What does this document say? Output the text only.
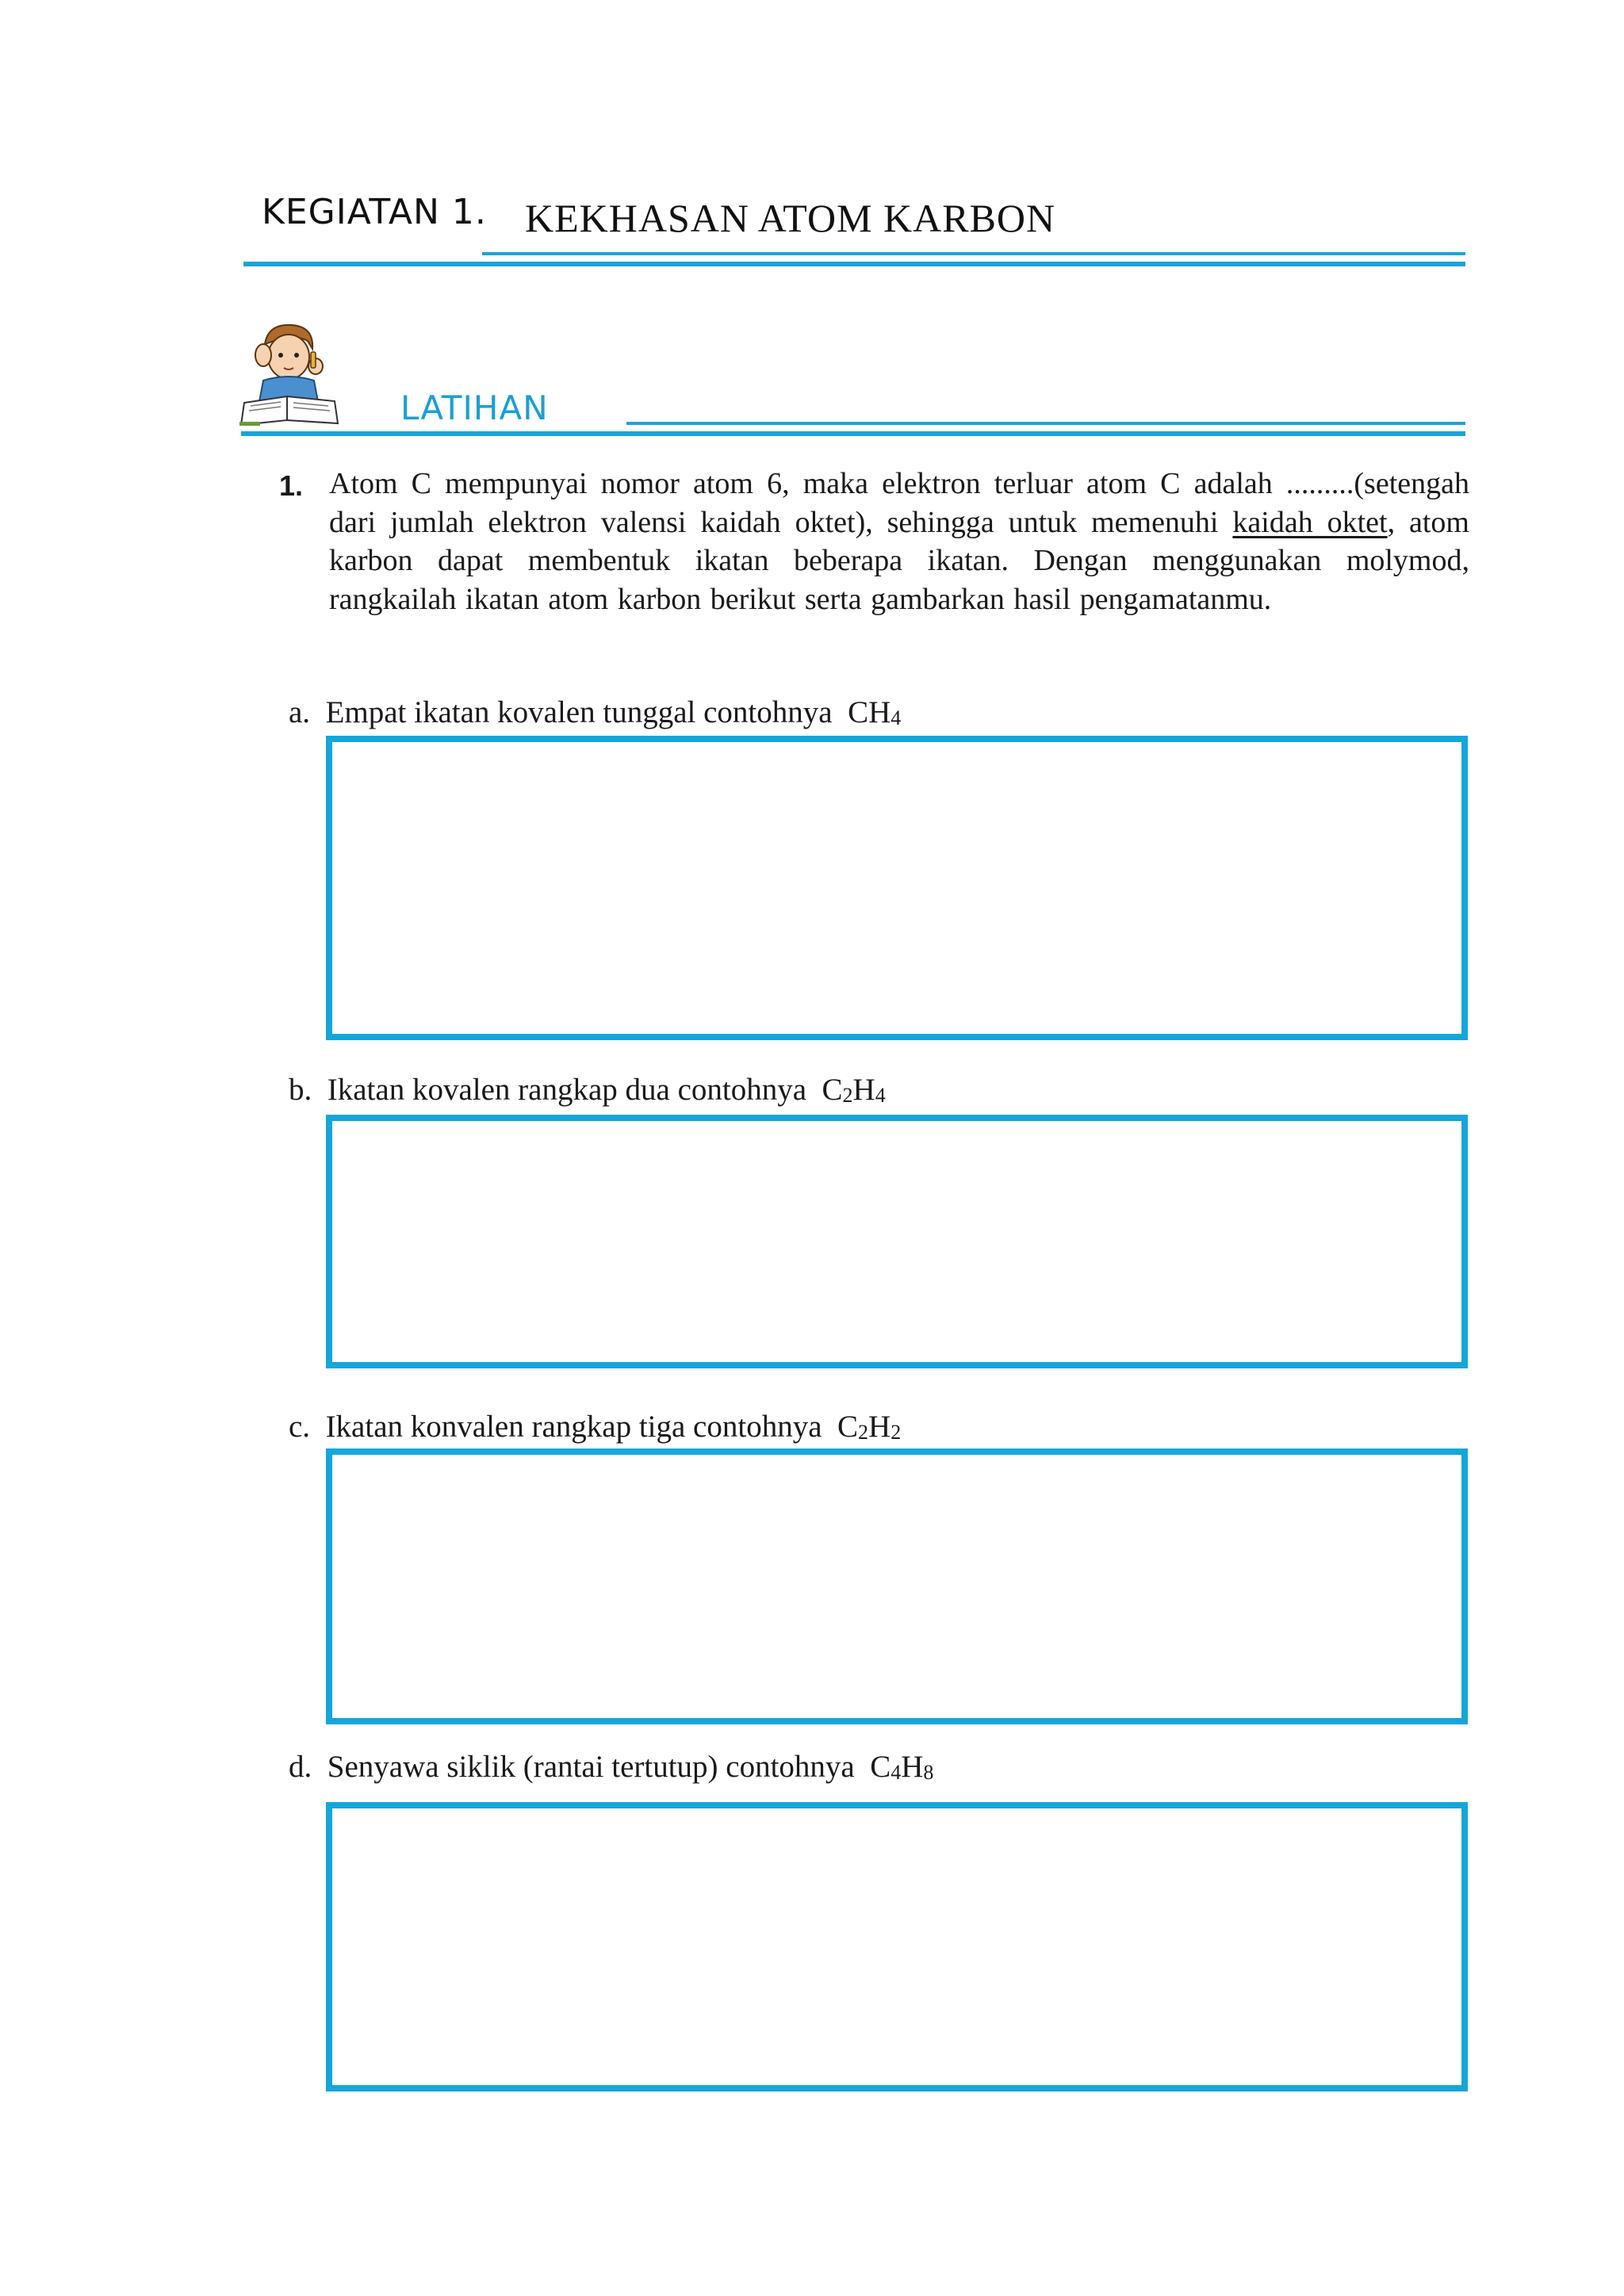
KEGIATAN 1. KEKHASAN ATOM KARBON
LATIHAN
1. Atom C mempunyai nomor atom 6, maka elektron terluar atom C adalah .........(setengah dari jumlah elektron valensi kaidah oktet), sehingga untuk memenuhi kaidah oktet, atom karbon dapat membentuk ikatan beberapa ikatan. Dengan menggunakan molymod, rangkailah ikatan atom karbon berikut serta gambarkan hasil pengamatanmu.
a. Empat ikatan kovalen tunggal contohnya $CH_4$
b. Ikatan kovalen rangkap dua contohnya $C_2H_4$
c. Ikatan konvalen rangkap tiga contohnya $C_2H_2$
d. Senyawa siklik (rantai tertutup) contohnya $C_4H_8$
